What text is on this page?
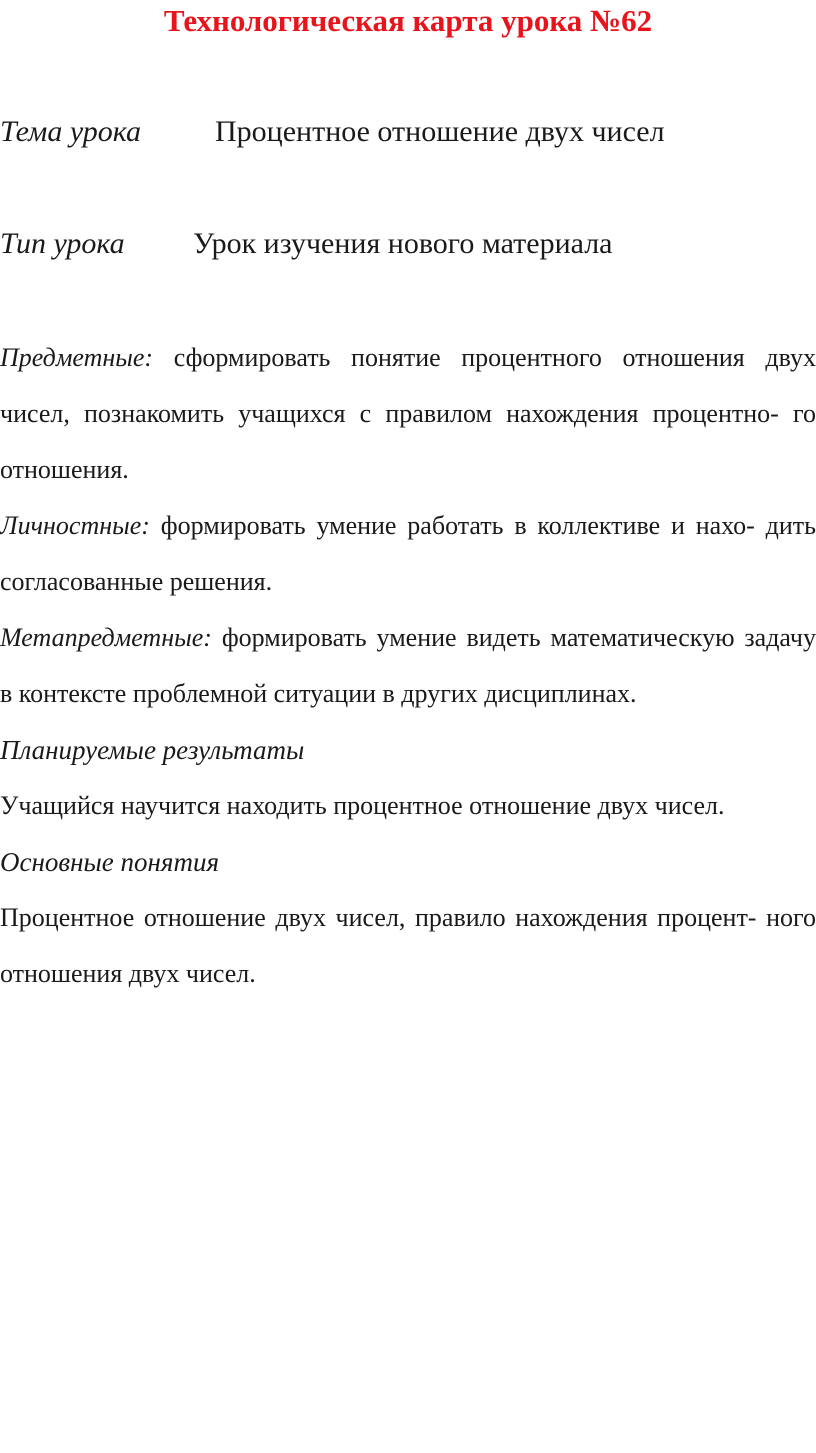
Технологическая карта урока №62
Тема урока Процентное отношение двух чисел
Тип урока Урок изучения нового материала

Предметные: сформировать понятие процентного отношения двух чисел, познакомить учащихся с правилом нахождения процентно- го отношения.

Личностные: формировать умение работать в коллективе и нахо- дить согласованные решения.

Метапредметные: формировать умение видеть математическую задачу в контексте проблемной ситуации в других дисциплинах.

Планируемые результаты

Учащийся научится находить процентное отношение двух чисел.

Основные понятия

Процентное отношение двух чисел, правило нахождения процент- ного отношения двух чисел.
